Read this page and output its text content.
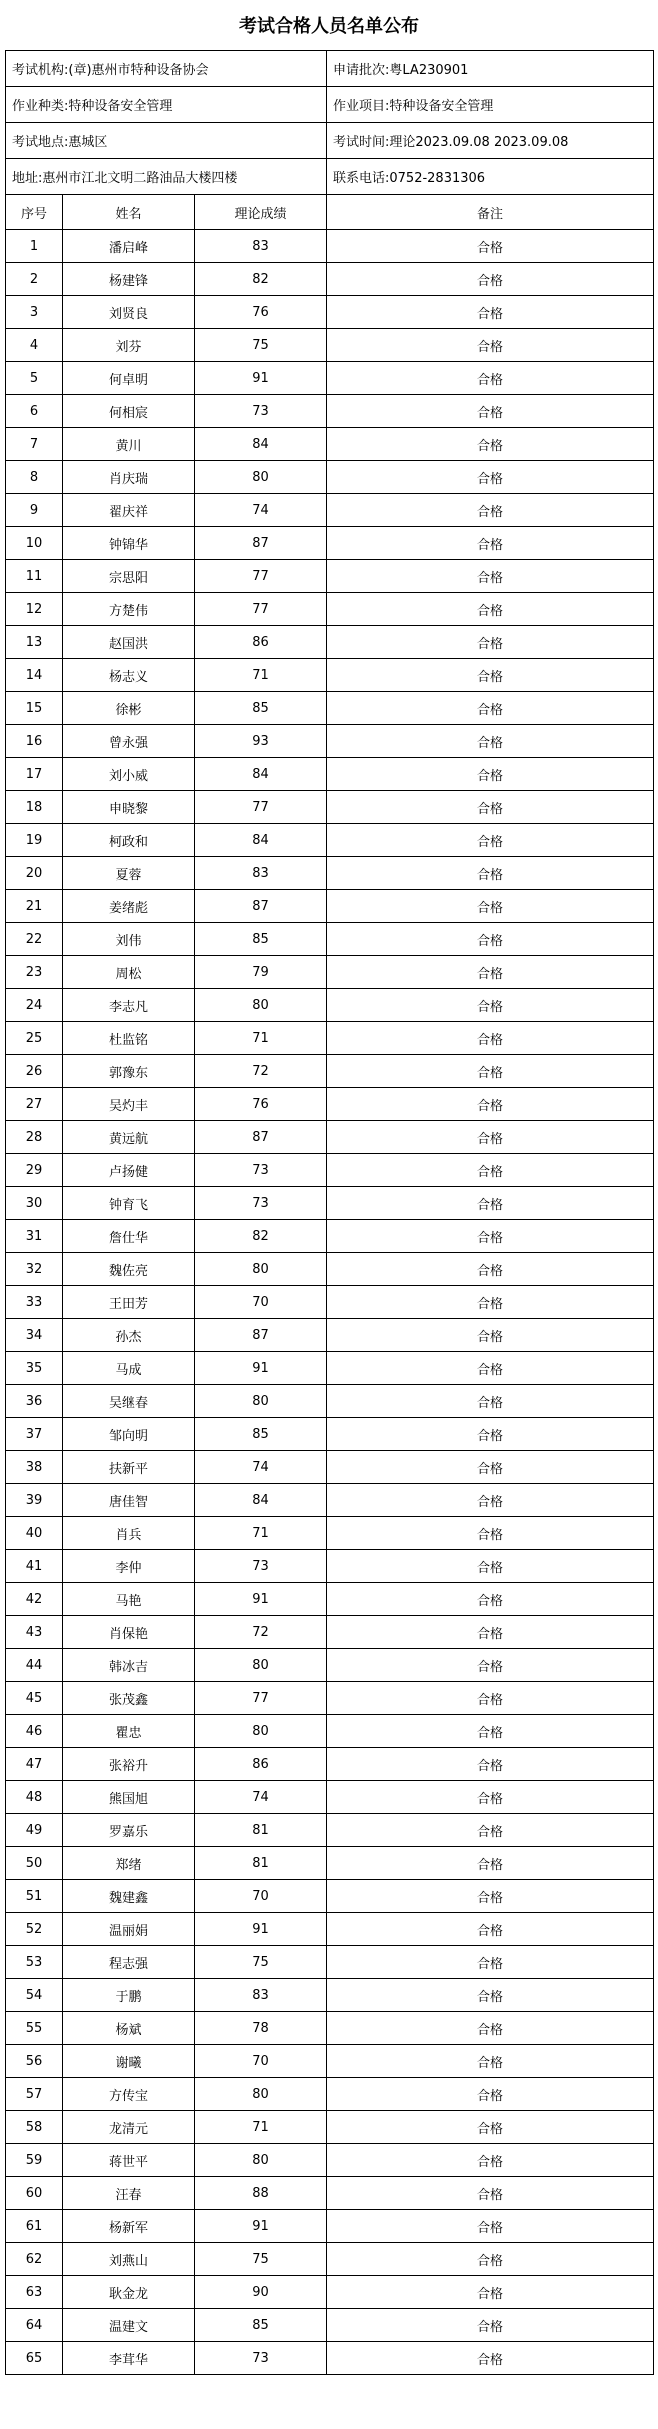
考试合格人员名单公布
考试机构:(章)惠州市特种设备协会	申请批次:粤LA230901
作业种类:特种设备安全管理	作业项目:特种设备安全管理
考试地点:惠城区	考试时间:理论2023.09.08 2023.09.08
地址:惠州市江北文明二路油品大楼四楼	联系电话:0752-2831306
序号	姓名	理论成绩	备注
1	潘启峰	83	合格
2	杨建锋	82	合格
3	刘贤良	76	合格
4	刘芬	75	合格
5	何卓明	91	合格
6	何相宸	73	合格
7	黄川	84	合格
8	肖庆瑞	80	合格
9	翟庆祥	74	合格
10	钟锦华	87	合格
11	宗思阳	77	合格
12	方楚伟	77	合格
13	赵国洪	86	合格
14	杨志义	71	合格
15	徐彬	85	合格
16	曾永强	93	合格
17	刘小威	84	合格
18	申晓黎	77	合格
19	柯政和	84	合格
20	夏蓉	83	合格
21	姜绪彪	87	合格
22	刘伟	85	合格
23	周松	79	合格
24	李志凡	80	合格
25	杜监铭	71	合格
26	郭豫东	72	合格
27	吴灼丰	76	合格
28	黄远航	87	合格
29	卢扬健	73	合格
30	钟育飞	73	合格
31	詹仕华	82	合格
32	魏佐亮	80	合格
33	王田芳	70	合格
34	孙杰	87	合格
35	马成	91	合格
36	吴继春	80	合格
37	邹向明	85	合格
38	扶新平	74	合格
39	唐佳智	84	合格
40	肖兵	71	合格
41	李仲	73	合格
42	马艳	91	合格
43	肖保艳	72	合格
44	韩冰吉	80	合格
45	张茂鑫	77	合格
46	瞿忠	80	合格
47	张裕升	86	合格
48	熊国旭	74	合格
49	罗嘉乐	81	合格
50	郑绪	81	合格
51	魏建鑫	70	合格
52	温丽娟	91	合格
53	程志强	75	合格
54	于鹏	83	合格
55	杨斌	78	合格
56	谢曦	70	合格
57	方传宝	80	合格
58	龙清元	71	合格
59	蒋世平	80	合格
60	汪春	88	合格
61	杨新军	91	合格
62	刘燕山	75	合格
63	耿金龙	90	合格
64	温建文	85	合格
65	李茸华	73	合格
